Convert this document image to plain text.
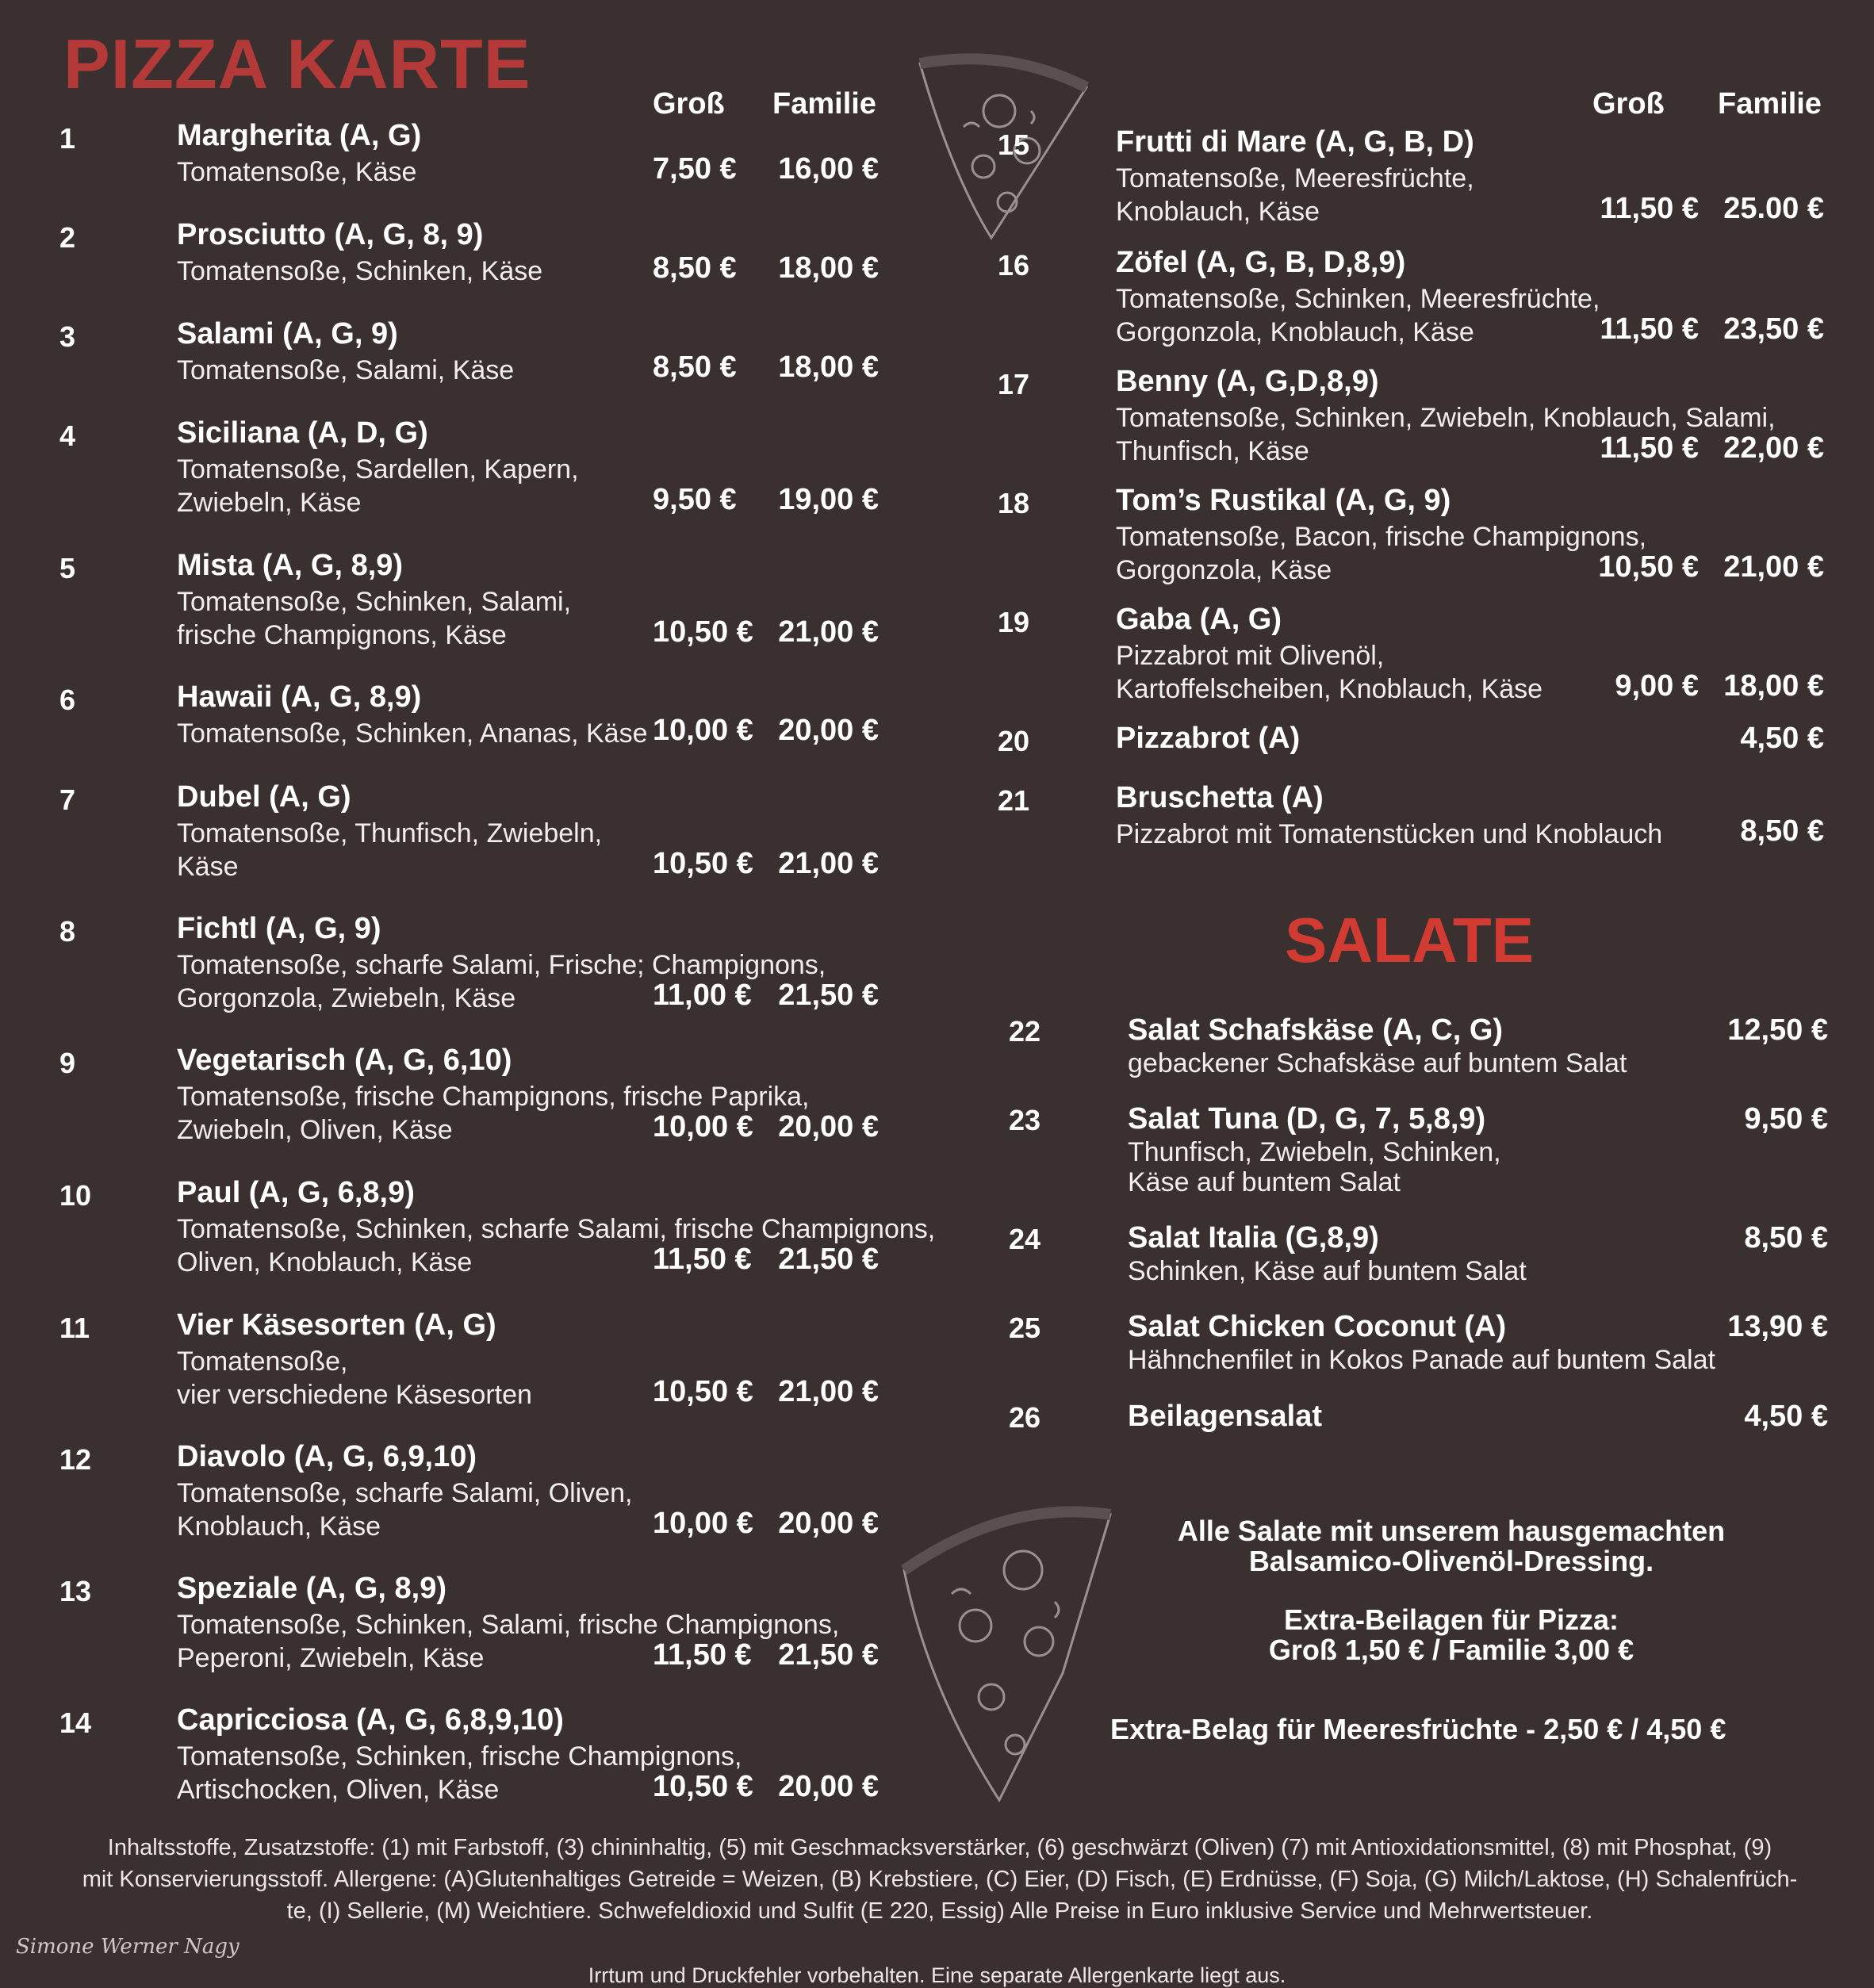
PIZZA KARTE
Groß Familie	Groß Familie
1	Margherita (A, G)
Tomatensoße, Käse	7,50 € 16,00 €
2	Prosciutto (A, G, 8, 9)
Tomatensoße, Schinken, Käse	8,50 € 18,00 €
3	Salami (A, G, 9)
Tomatensoße, Salami, Käse	8,50 € 18,00 €
4	Siciliana (A, D, G)
Tomatensoße, Sardellen, Kapern,
Zwiebeln, Käse	9,50 € 19,00 €
5	Mista (A, G, 8,9)
Tomatensoße, Schinken, Salami,
frische Champignons, Käse	10,50 € 21,00 €
6	Hawaii (A, G, 8,9)
Tomatensoße, Schinken, Ananas, Käse 10,00 € 20,00 €
7	Dubel (A, G)
Tomatensoße, Thunfisch, Zwiebeln,
Käse	10,50 € 21,00 €
8	Fichtl (A, G, 9)
Tomatensoße, scharfe Salami, Frische; Champignons,
Gorgonzola, Zwiebeln, Käse	11,00 € 21,50 €
9	Vegetarisch (A, G, 6,10)
Tomatensoße, frische Champignons, frische Paprika,
Zwiebeln, Oliven, Käse	10,00 € 20,00 €
10	Paul (A, G, 6,8,9)
Tomatensoße, Schinken, scharfe Salami, frische Champignons,
Oliven, Knoblauch, Käse	11,50 € 21,50 €
11	Vier Käsesorten (A, G)
Tomatensoße,
vier verschiedene Käsesorten	10,50 € 21,00 €
12	Diavolo (A, G, 6,9,10)
Tomatensoße, scharfe Salami, Oliven,
Knoblauch, Käse	10,00 € 20,00 €
13	Speziale (A, G, 8,9)
Tomatensoße, Schinken, Salami, frische Champignons,
Peperoni, Zwiebeln, Käse	11,50 € 21,50 €
14	Capricciosa (A, G, 6,8,9,10)
Tomatensoße, Schinken, frische Champignons,
Artischocken, Oliven, Käse	10,50 € 20,00 €
15	Frutti di Mare (A, G, B, D)
Tomatensoße, Meeresfrüchte,
Knoblauch, Käse	11,50 € 25.00 €
16	Zöfel (A, G, B, D,8,9)
Tomatensoße, Schinken, Meeresfrüchte,
Gorgonzola, Knoblauch, Käse	11,50 € 23,50 €
17	Benny (A, G,D,8,9)
Tomatensoße, Schinken, Zwiebeln, Knoblauch, Salami,
Thunfisch, Käse	11,50 € 22,00 €
18	Tom’s Rustikal (A, G, 9)
Tomatensoße, Bacon, frische Champignons,
Gorgonzola, Käse	10,50 € 21,00 €
19	Gaba (A, G)
Pizzabrot mit Olivenöl,
Kartoffelscheiben, Knoblauch, Käse 9,00 € 18,00 €
20	Pizzabrot (A)	4,50 €
21	Bruschetta (A)
Pizzabrot mit Tomatenstücken und Knoblauch	8,50 €
SALATE
22	Salat Schafskäse (A, C, G)
gebackener Schafskäse auf buntem Salat
12,50 €
23	Salat Tuna (D, G, 7, 5,8,9)
Thunfisch, Zwiebeln, Schinken,
Käse auf buntem Salat
9,50 €
24	Salat Italia (G,8,9)
Schinken, Käse auf buntem Salat
8,50 €
25	Salat Chicken Coconut (A)
Hähnchenfilet in Kokos Panade auf buntem Salat
13,90 €
26	Beilagensalat	4,50 €
Alle Salate mit unserem hausgemachten
Balsamico-Olivenöl-Dressing.
Extra-Beilagen für Pizza:
Groß 1,50 € / Familie 3,00 €
Extra-Belag für Meeresfrüchte - 2,50 € / 4,50 €
Inhaltsstoffe, Zusatzstoffe: (1) mit Farbstoff, (3) chininhaltig, (5) mit Geschmacksverstärker, (6) geschwärzt (Oliven) (7) mit Antioxidationsmittel, (8) mit Phosphat, (9)
mit Konservierungsstoff. Allergene: (A)Glutenhaltiges Getreide = Weizen, (B) Krebstiere, (C) Eier, (D) Fisch, (E) Erdnüsse, (F) Soja, (G) Milch/Laktose, (H) Schalenfrüch-
te, (I) Sellerie, (M) Weichtiere. Schwefeldioxid und Sulfit (E 220, Essig) Alle Preise in Euro inklusive Service und Mehrwertsteuer.
Irrtum und Druckfehler vorbehalten. Eine separate Allergenkarte liegt aus.
Simone Werner Nagy
